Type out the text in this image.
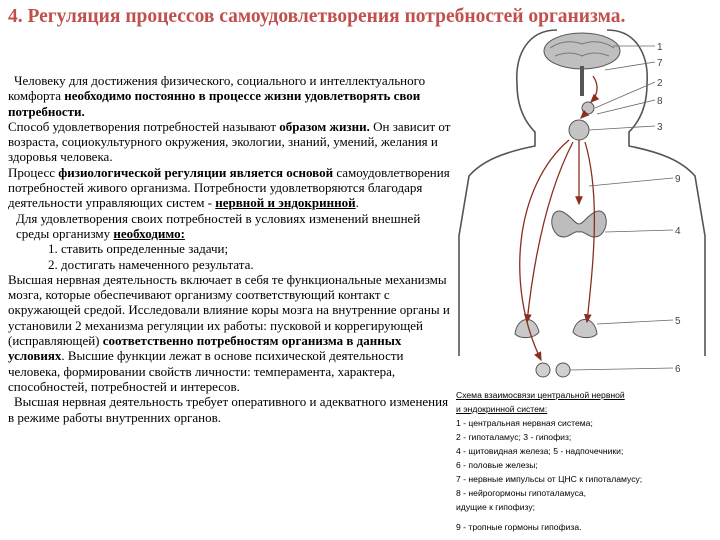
4. Регуляция процессов самоудовлетворения потребностей организма.

Человеку для достижения физического, социального и интеллектуального комфорта необходимо постоянно в процессе жизни удовлетворять свои потребности.

Способ удовлетворения потребностей называют образом жизни. Он зависит от возраста, социокультурного окружения, экологии, знаний, умений, желания и здоровья человека.

Процесс физиологической регуляции является основой самоудовлетворения потребностей живого организма. Потребности удовлетворяются благодаря деятельности управляющих систем - нервной и эндокринной.

Для удовлетворения своих потребностей в условиях изменений внешней среды организму необходимо:

1. ставить определенные задачи;

2. достигать намеченного результата.

Высшая нервная деятельность включает в себя те функциональные механизмы мозга, которые обеспечивают организму соответствующий контакт с окружающей средой. Исследовали влияние коры мозга на внутренние органы и установили 2 механизма регуляции их работы: пусковой и коррегирующей (исправляющей) соответственно потребностям организма в данных условиях. Высшие функции лежат в основе психической деятельности человека, формировании свойств личности: темперамента, характера, способностей, потребностей и интересов.

Высшая нервная деятельность требует оперативного и адекватного изменения в режиме работы внутренних органов.

1
7
2
8
3
9
4
5
6
Схема взаимосвязи центральной нервной
и эндокринной систем:
1 - центральная нервная система;
2 - гипоталамус; 3 - гипофиз;
4 - щитовидная железа; 5 - надпочечники;
6 - половые железы;
7 - нервные импульсы от ЦНС к гипоталамусу;
8 - нейрогормоны гипоталамуса,
идущие к гипофизу;
9 - тропные гормоны гипофиза.
